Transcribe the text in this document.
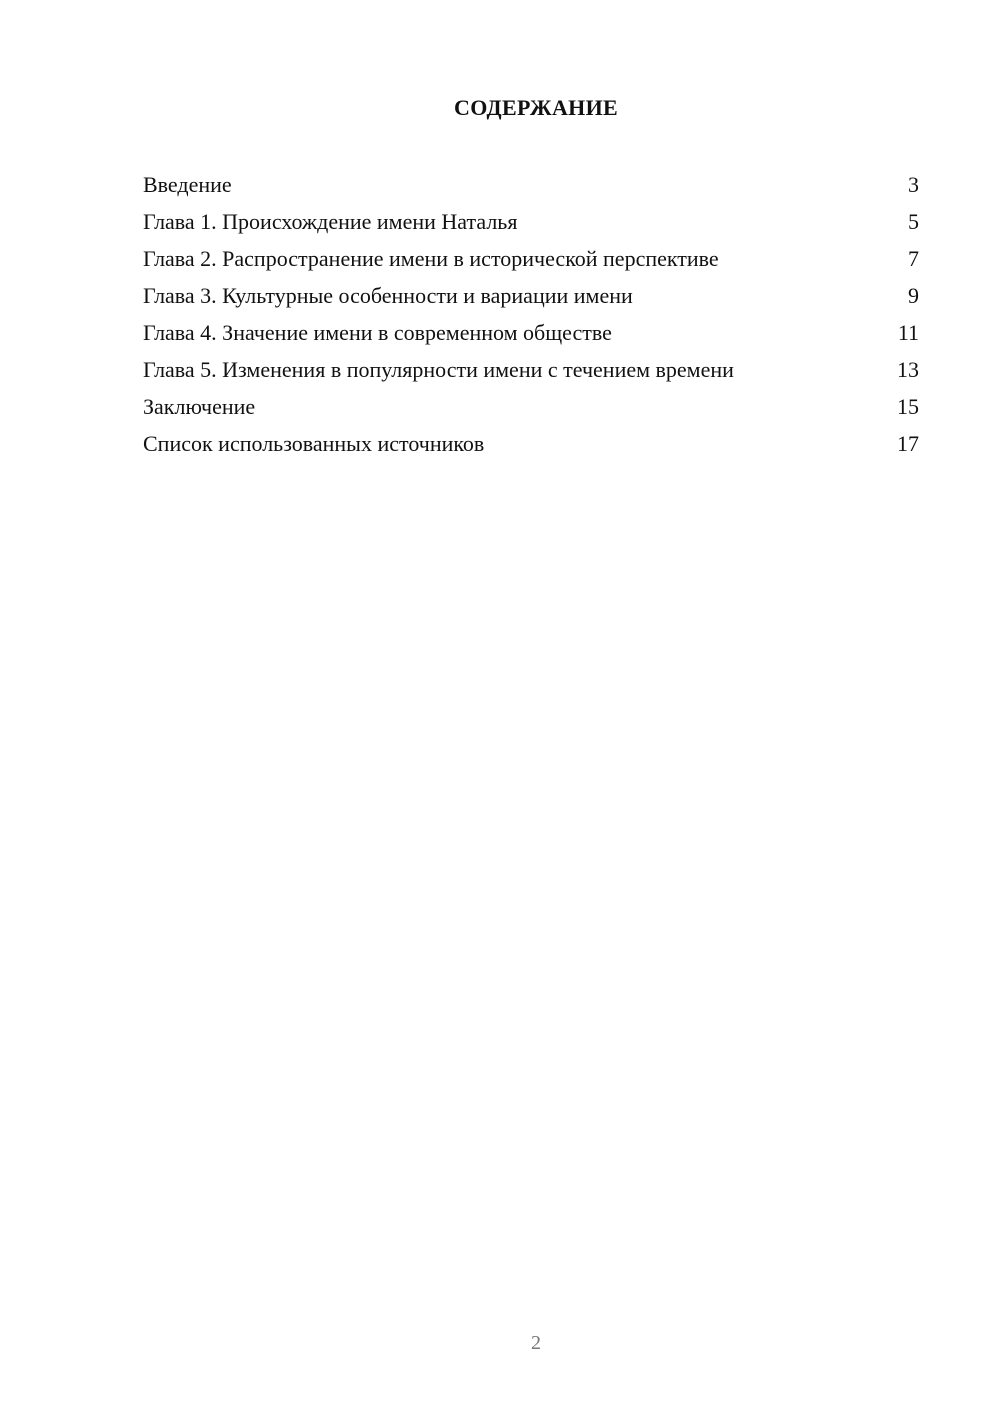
СОДЕРЖАНИЕ
Введение	3
Глава 1. Происхождение имени Наталья	5
Глава 2. Распространение имени в исторической перспективе	7
Глава 3. Культурные особенности и вариации имени	9
Глава 4. Значение имени в современном обществе	11
Глава 5. Изменения в популярности имени с течением времени	13
Заключение	15
Список использованных источников	17
2
